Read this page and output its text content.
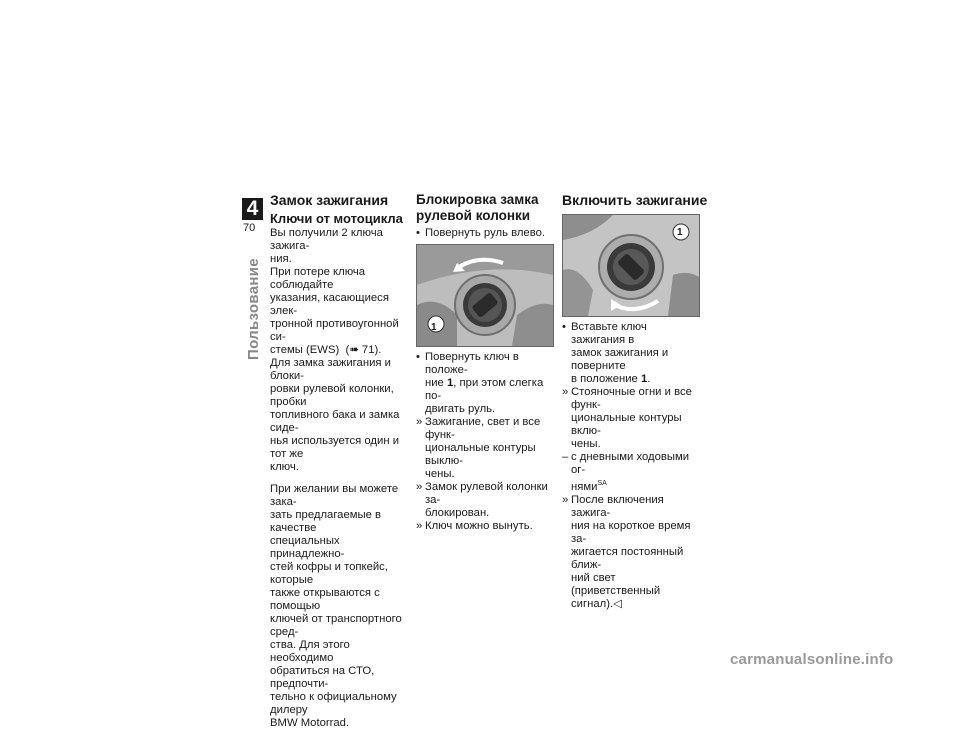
4
70
Пользование
Замок зажигания
Ключи от мотоцикла

Вы получили 2 ключа зажига-
ния.
При потере ключа соблюдайте
указания, касающиеся элек-
тронной противоугонной си-
стемы (EWS) (➠ 71).
Для замка зажигания и блоки-
ровки рулевой колонки, пробки
топливного бака и замка сиде-
нья используется один и тот же
ключ.

При желании вы можете зака-
зать предлагаемые в качестве
специальных принадлежно-
стей кофры и топкейс, которые
также открываются с помощью
ключей от транспортного сред-
ства. Для этого необходимо
обратиться на СТО, предпочти-
тельно к официальному дилеру
BMW Motorrad.

Блокировка замка
рулевой колонки
• Повернуть руль влево.
1
• Повернуть ключ в положе-
ние 1, при этом слегка по-
двигать руль.
» Зажигание, свет и все функ-
циональные контуры выклю-
чены.
» Замок рулевой колонки за-
блокирован.
» Ключ можно вынуть.
Включить зажигание
1
• Вставьте ключ зажигания в
замок зажигания и поверните
в положение 1.
» Стояночные огни и все функ-
циональные контуры вклю-
чены.
– с дневными ходовыми ог-
нями$^{SA}$
» После включения зажига-
ния на короткое время за-
жигается постоянный ближ-
ний свет (приветственный
сигнал).◁
carmanualsonline.info
